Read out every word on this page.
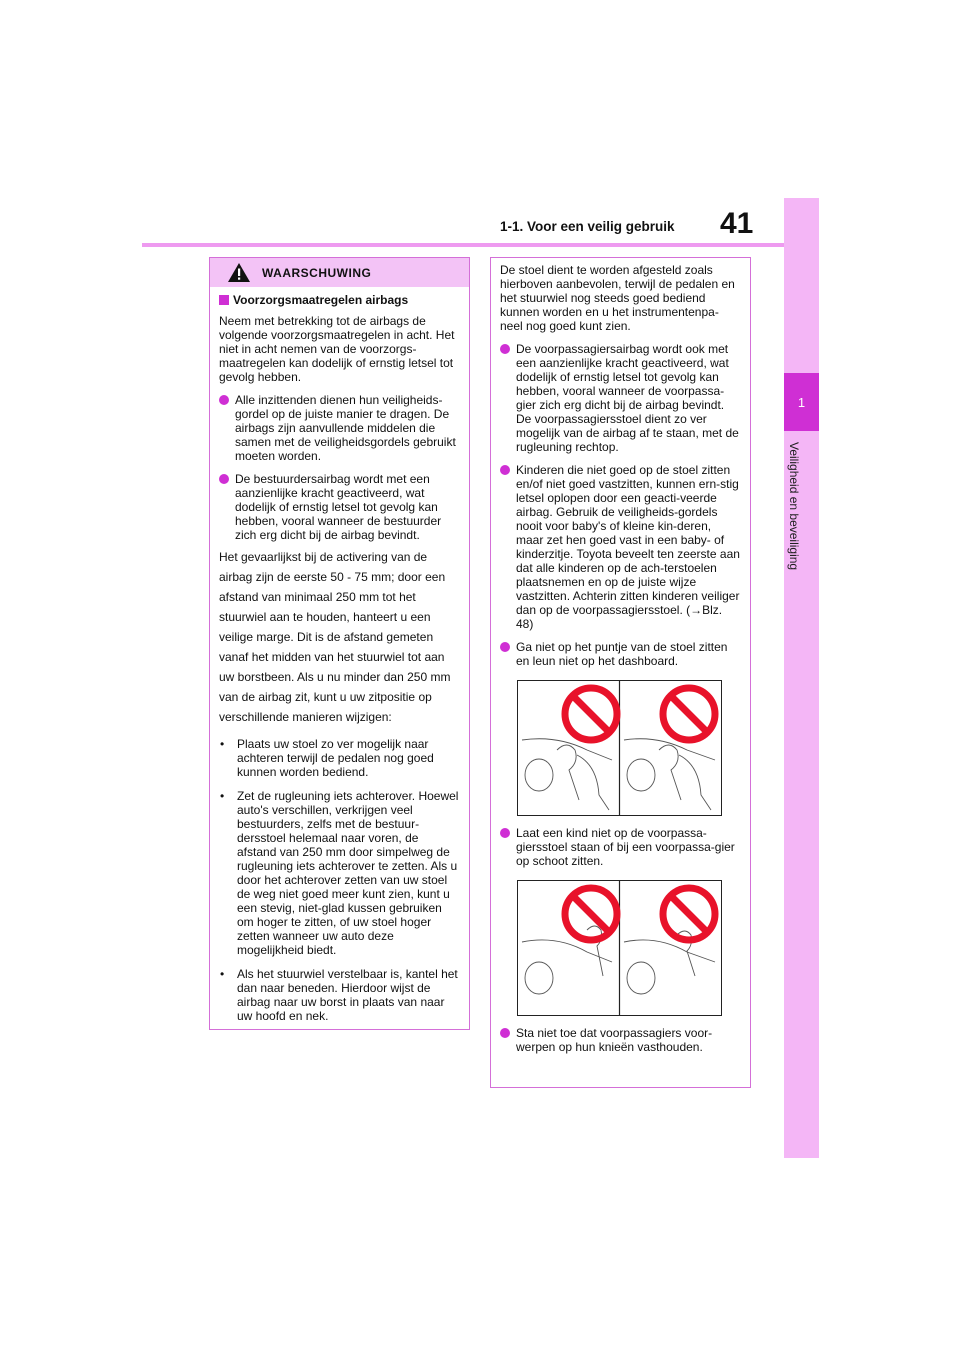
1
Veiligheid en beveiliging
1-1. Voor een veilig gebruik 41
WAARSCHUWING

Voorzorgsmaatregelen airbags

Neem met betrekking tot de airbags de volgende voorzorgsmaatregelen in acht. Het niet in acht nemen van de voorzorgs-maatregelen kan dodelijk of ernstig letsel tot gevolg hebben.

Alle inzittenden dienen hun veiligheids-gordel op de juiste manier te dragen. De airbags zijn aanvullende middelen die samen met de veiligheidsgordels gebruikt moeten worden.
De bestuurdersairbag wordt met een aanzienlijke kracht geactiveerd, wat dodelijk of ernstig letsel tot gevolg kan hebben, vooral wanneer de bestuurder zich erg dicht bij de airbag bevindt.

Het gevaarlijkst bij de activering van de airbag zijn de eerste 50 - 75 mm; door een afstand van minimaal 250 mm tot het stuurwiel aan te houden, hanteert u een veilige marge. Dit is de afstand gemeten vanaf het midden van het stuurwiel tot aan uw borstbeen. Als u nu minder dan 250 mm van de airbag zit, kunt u uw zitpositie op verschillende manieren wijzigen:

•	Plaats uw stoel zo ver mogelijk naar achteren terwijl de pedalen nog goed kunnen worden bediend.
•	Zet de rugleuning iets achterover. Hoewel auto's verschillen, verkrijgen veel bestuurders, zelfs met de bestuur-dersstoel helemaal naar voren, de afstand van 250 mm door simpelweg de rugleuning iets achterover te zetten. Als u door het achterover zetten van uw stoel de weg niet goed meer kunt zien, kunt u een stevig, niet-glad kussen gebruiken om hoger te zitten, of uw stoel hoger zetten wanneer uw auto deze mogelijkheid biedt.
•	Als het stuurwiel verstelbaar is, kantel het dan naar beneden. Hierdoor wijst de airbag naar uw borst in plaats van naar uw hoofd en nek.

De stoel dient te worden afgesteld zoals hierboven aanbevolen, terwijl de pedalen en het stuurwiel nog steeds goed bediend kunnen worden en u het instrumentenpa-neel nog goed kunt zien.

De voorpassagiersairbag wordt ook met een aanzienlijke kracht geactiveerd, wat dodelijk of ernstig letsel tot gevolg kan hebben, vooral wanneer de voorpassa-gier zich erg dicht bij de airbag bevindt. De voorpassagiersstoel dient zo ver mogelijk van de airbag af te staan, met de rugleuning rechtop.
Kinderen die niet goed op de stoel zitten en/of niet goed vastzitten, kunnen ern-stig letsel oplopen door een geacti-veerde airbag. Gebruik de veiligheids-gordels nooit voor baby's of kleine kin-deren, maar zet hen goed vast in een baby- of kinderzitje. Toyota beveelt ten zeerste aan dat alle kinderen op de ach-terstoelen plaatsnemen en op de juiste wijze vastzitten. Achterin zitten kinderen veiliger dan op de voorpassagiersstoel. (→Blz. 48)
Ga niet op het puntje van de stoel zitten en leun niet op het dashboard.
Laat een kind niet op de voorpassa-giersstoel staan of bij een voorpassa-gier op schoot zitten.
Sta niet toe dat voorpassagiers voor-werpen op hun knieën vasthouden.
